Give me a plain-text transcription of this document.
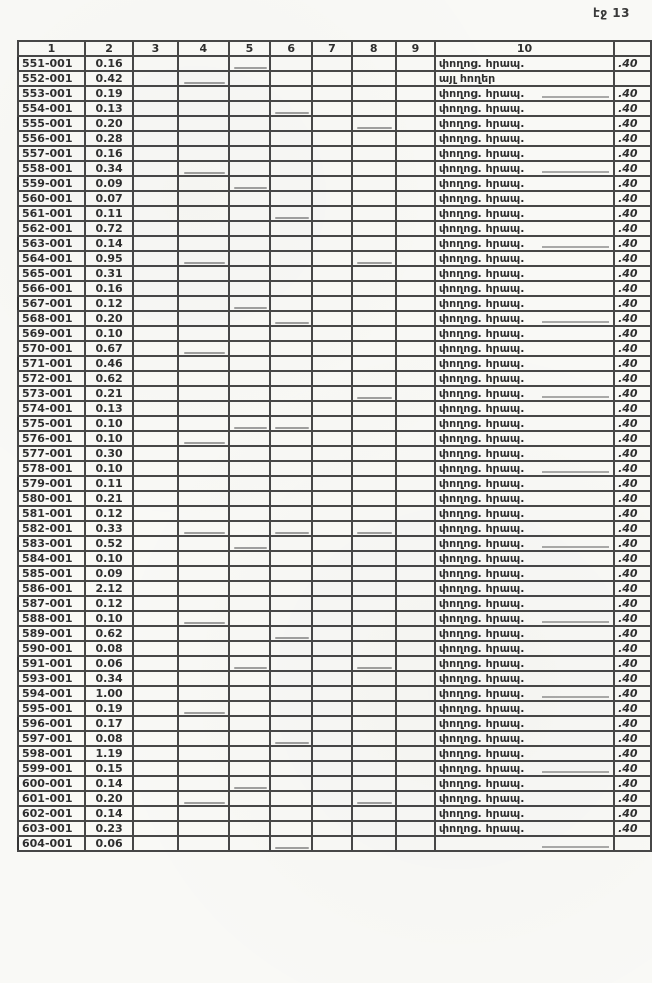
էջ 13
1	2	3	4	5	6	7	8	9	10	
551-001	0.16								փողոց. հրապ.	.40
552-001	0.42								այլ հողեր	
553-001	0.19								փողոց. հրապ.	.40
554-001	0.13								փողոց. հրապ.	.40
555-001	0.20								փողոց. հրապ.	.40
556-001	0.28								փողոց. հրապ.	.40
557-001	0.16								փողոց. հրապ.	.40
558-001	0.34								փողոց. հրապ.	.40
559-001	0.09								փողոց. հրապ.	.40
560-001	0.07								փողոց. հրապ.	.40
561-001	0.11								փողոց. հրապ.	.40
562-001	0.72								փողոց. հրապ.	.40
563-001	0.14								փողոց. հրապ.	.40
564-001	0.95								փողոց. հրապ.	.40
565-001	0.31								փողոց. հրապ.	.40
566-001	0.16								փողոց. հրապ.	.40
567-001	0.12								փողոց. հրապ.	.40
568-001	0.20								փողոց. հրապ.	.40
569-001	0.10								փողոց. հրապ.	.40
570-001	0.67								փողոց. հրապ.	.40
571-001	0.46								փողոց. հրապ.	.40
572-001	0.62								փողոց. հրապ.	.40
573-001	0.21								փողոց. հրապ.	.40
574-001	0.13								փողոց. հրապ.	.40
575-001	0.10								փողոց. հրապ.	.40
576-001	0.10								փողոց. հրապ.	.40
577-001	0.30								փողոց. հրապ.	.40
578-001	0.10								փողոց. հրապ.	.40
579-001	0.11								փողոց. հրապ.	.40
580-001	0.21								փողոց. հրապ.	.40
581-001	0.12								փողոց. հրապ.	.40
582-001	0.33								փողոց. հրապ.	.40
583-001	0.52								փողոց. հրապ.	.40
584-001	0.10								փողոց. հրապ.	.40
585-001	0.09								փողոց. հրապ.	.40
586-001	2.12								փողոց. հրապ.	.40
587-001	0.12								փողոց. հրապ.	.40
588-001	0.10								փողոց. հրապ.	.40
589-001	0.62								փողոց. հրապ.	.40
590-001	0.08								փողոց. հրապ.	.40
591-001	0.06								փողոց. հրապ.	.40
593-001	0.34								փողոց. հրապ.	.40
594-001	1.00								փողոց. հրապ.	.40
595-001	0.19								փողոց. հրապ.	.40
596-001	0.17								փողոց. հրապ.	.40
597-001	0.08								փողոց. հրապ.	.40
598-001	1.19								փողոց. հրապ.	.40
599-001	0.15								փողոց. հրապ.	.40
600-001	0.14								փողոց. հրապ.	.40
601-001	0.20								փողոց. հրապ.	.40
602-001	0.14								փողոց. հրապ.	.40
603-001	0.23								փողոց. հրապ.	.40
604-001	0.06									
